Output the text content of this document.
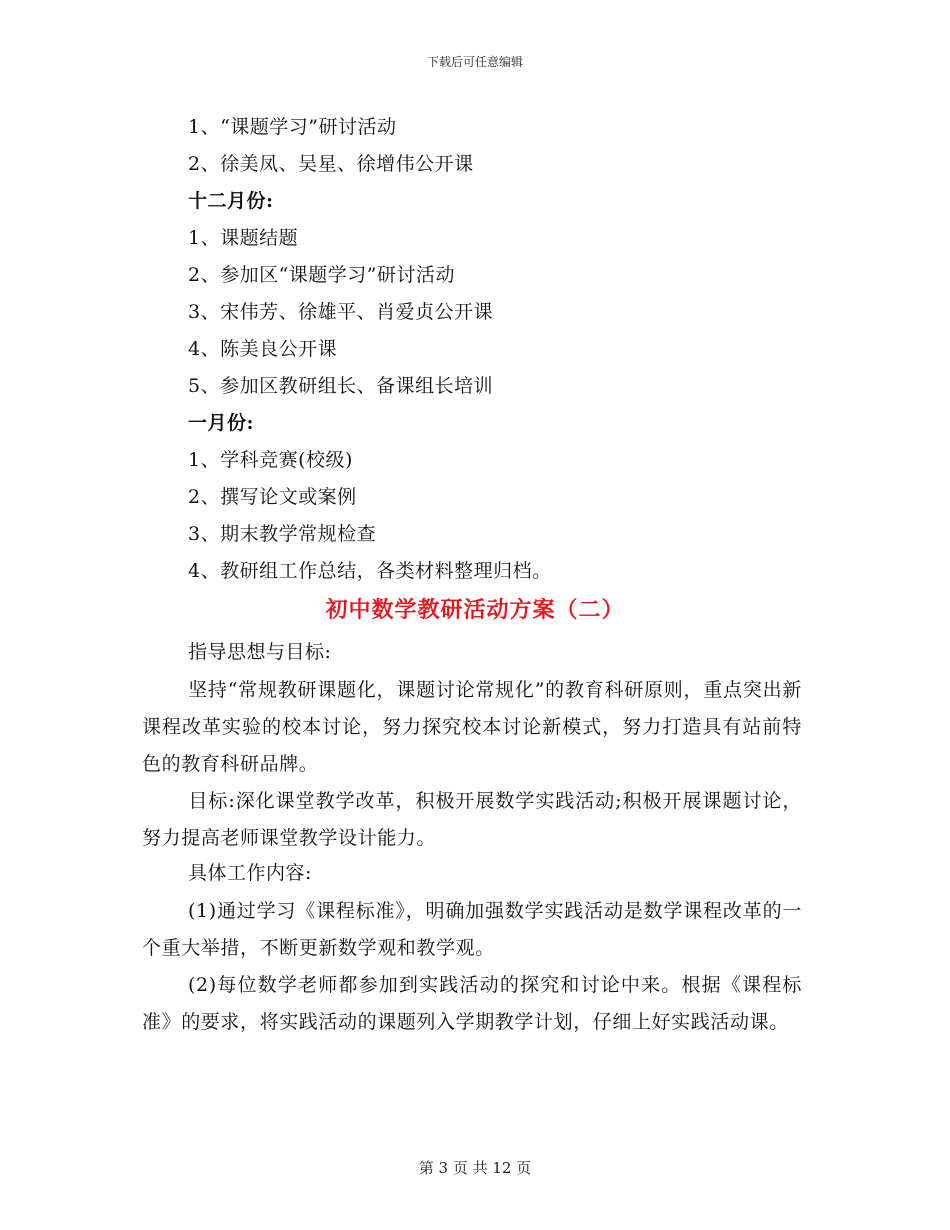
下载后可任意编辑
1、“课题学习”研讨活动
2、徐美凤、吴星、徐增伟公开课
十二月份:
1、课题结题
2、参加区“课题学习”研讨活动
3、宋伟芳、徐雄平、肖爱贞公开课
4、陈美良公开课
5、参加区教研组长、备课组长培训
一月份:
1、学科竞赛(校级)
2、撰写论文或案例
3、期末教学常规检查
4、教研组工作总结，各类材料整理归档。
初中数学教研活动方案（二）
指导思想与目标:
坚持“常规教研课题化，课题讨论常规化”的教育科研原则，重点突出新课程改革实验的校本讨论，努力探究校本讨论新模式，努力打造具有站前特色的教育科研品牌。
目标:深化课堂教学改革，积极开展数学实践活动;积极开展课题讨论，努力提高老师课堂教学设计能力。
具体工作内容:
(1)通过学习《课程标准》，明确加强数学实践活动是数学课程改革的一个重大举措，不断更新数学观和教学观。
(2)每位数学老师都参加到实践活动的探究和讨论中来。根据《课程标准》的要求，将实践活动的课题列入学期教学计划，仔细上好实践活动课。
第 3 页 共 12 页
